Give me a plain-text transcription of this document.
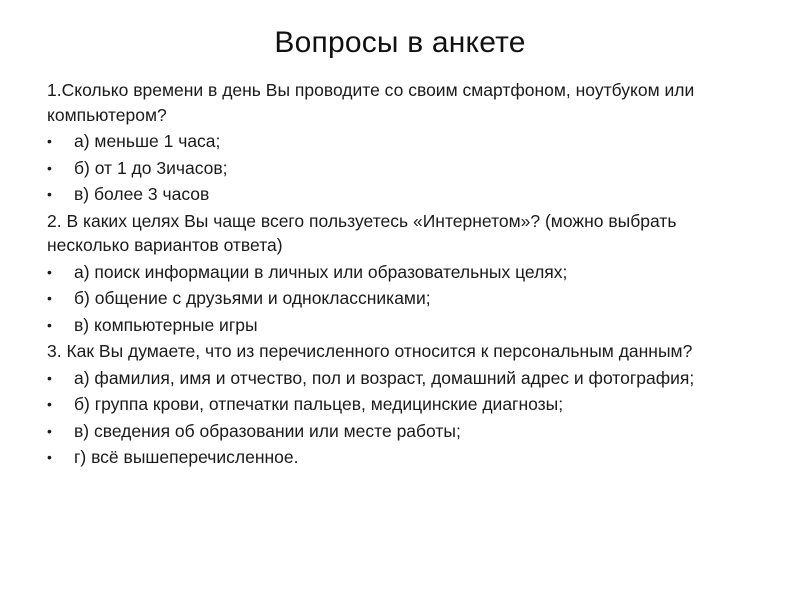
Вопросы в анкете

1.Сколько времени в день Вы проводите со своим смартфоном, ноутбуком или компьютером?

•	а) меньше 1 часа;
•	б) от 1 до 3ичасов;
•	в) более 3 часов

2. В каких целях Вы чаще всего пользуетесь «Интернетом»? (можно выбрать несколько вариантов ответа)

•	а) поиск информации в личных или образовательных целях;
•	б) общение с друзьями и одноклассниками;
•	в) компьютерные игры

3. Как Вы думаете, что из перечисленного относится к персональным данным?

•	а) фамилия, имя и отчество, пол и возраст, домашний адрес и фотография;
•	б) группа крови, отпечатки пальцев, медицинские диагнозы;
•	в) сведения об образовании или месте работы;
•	г) всё вышеперечисленное.
